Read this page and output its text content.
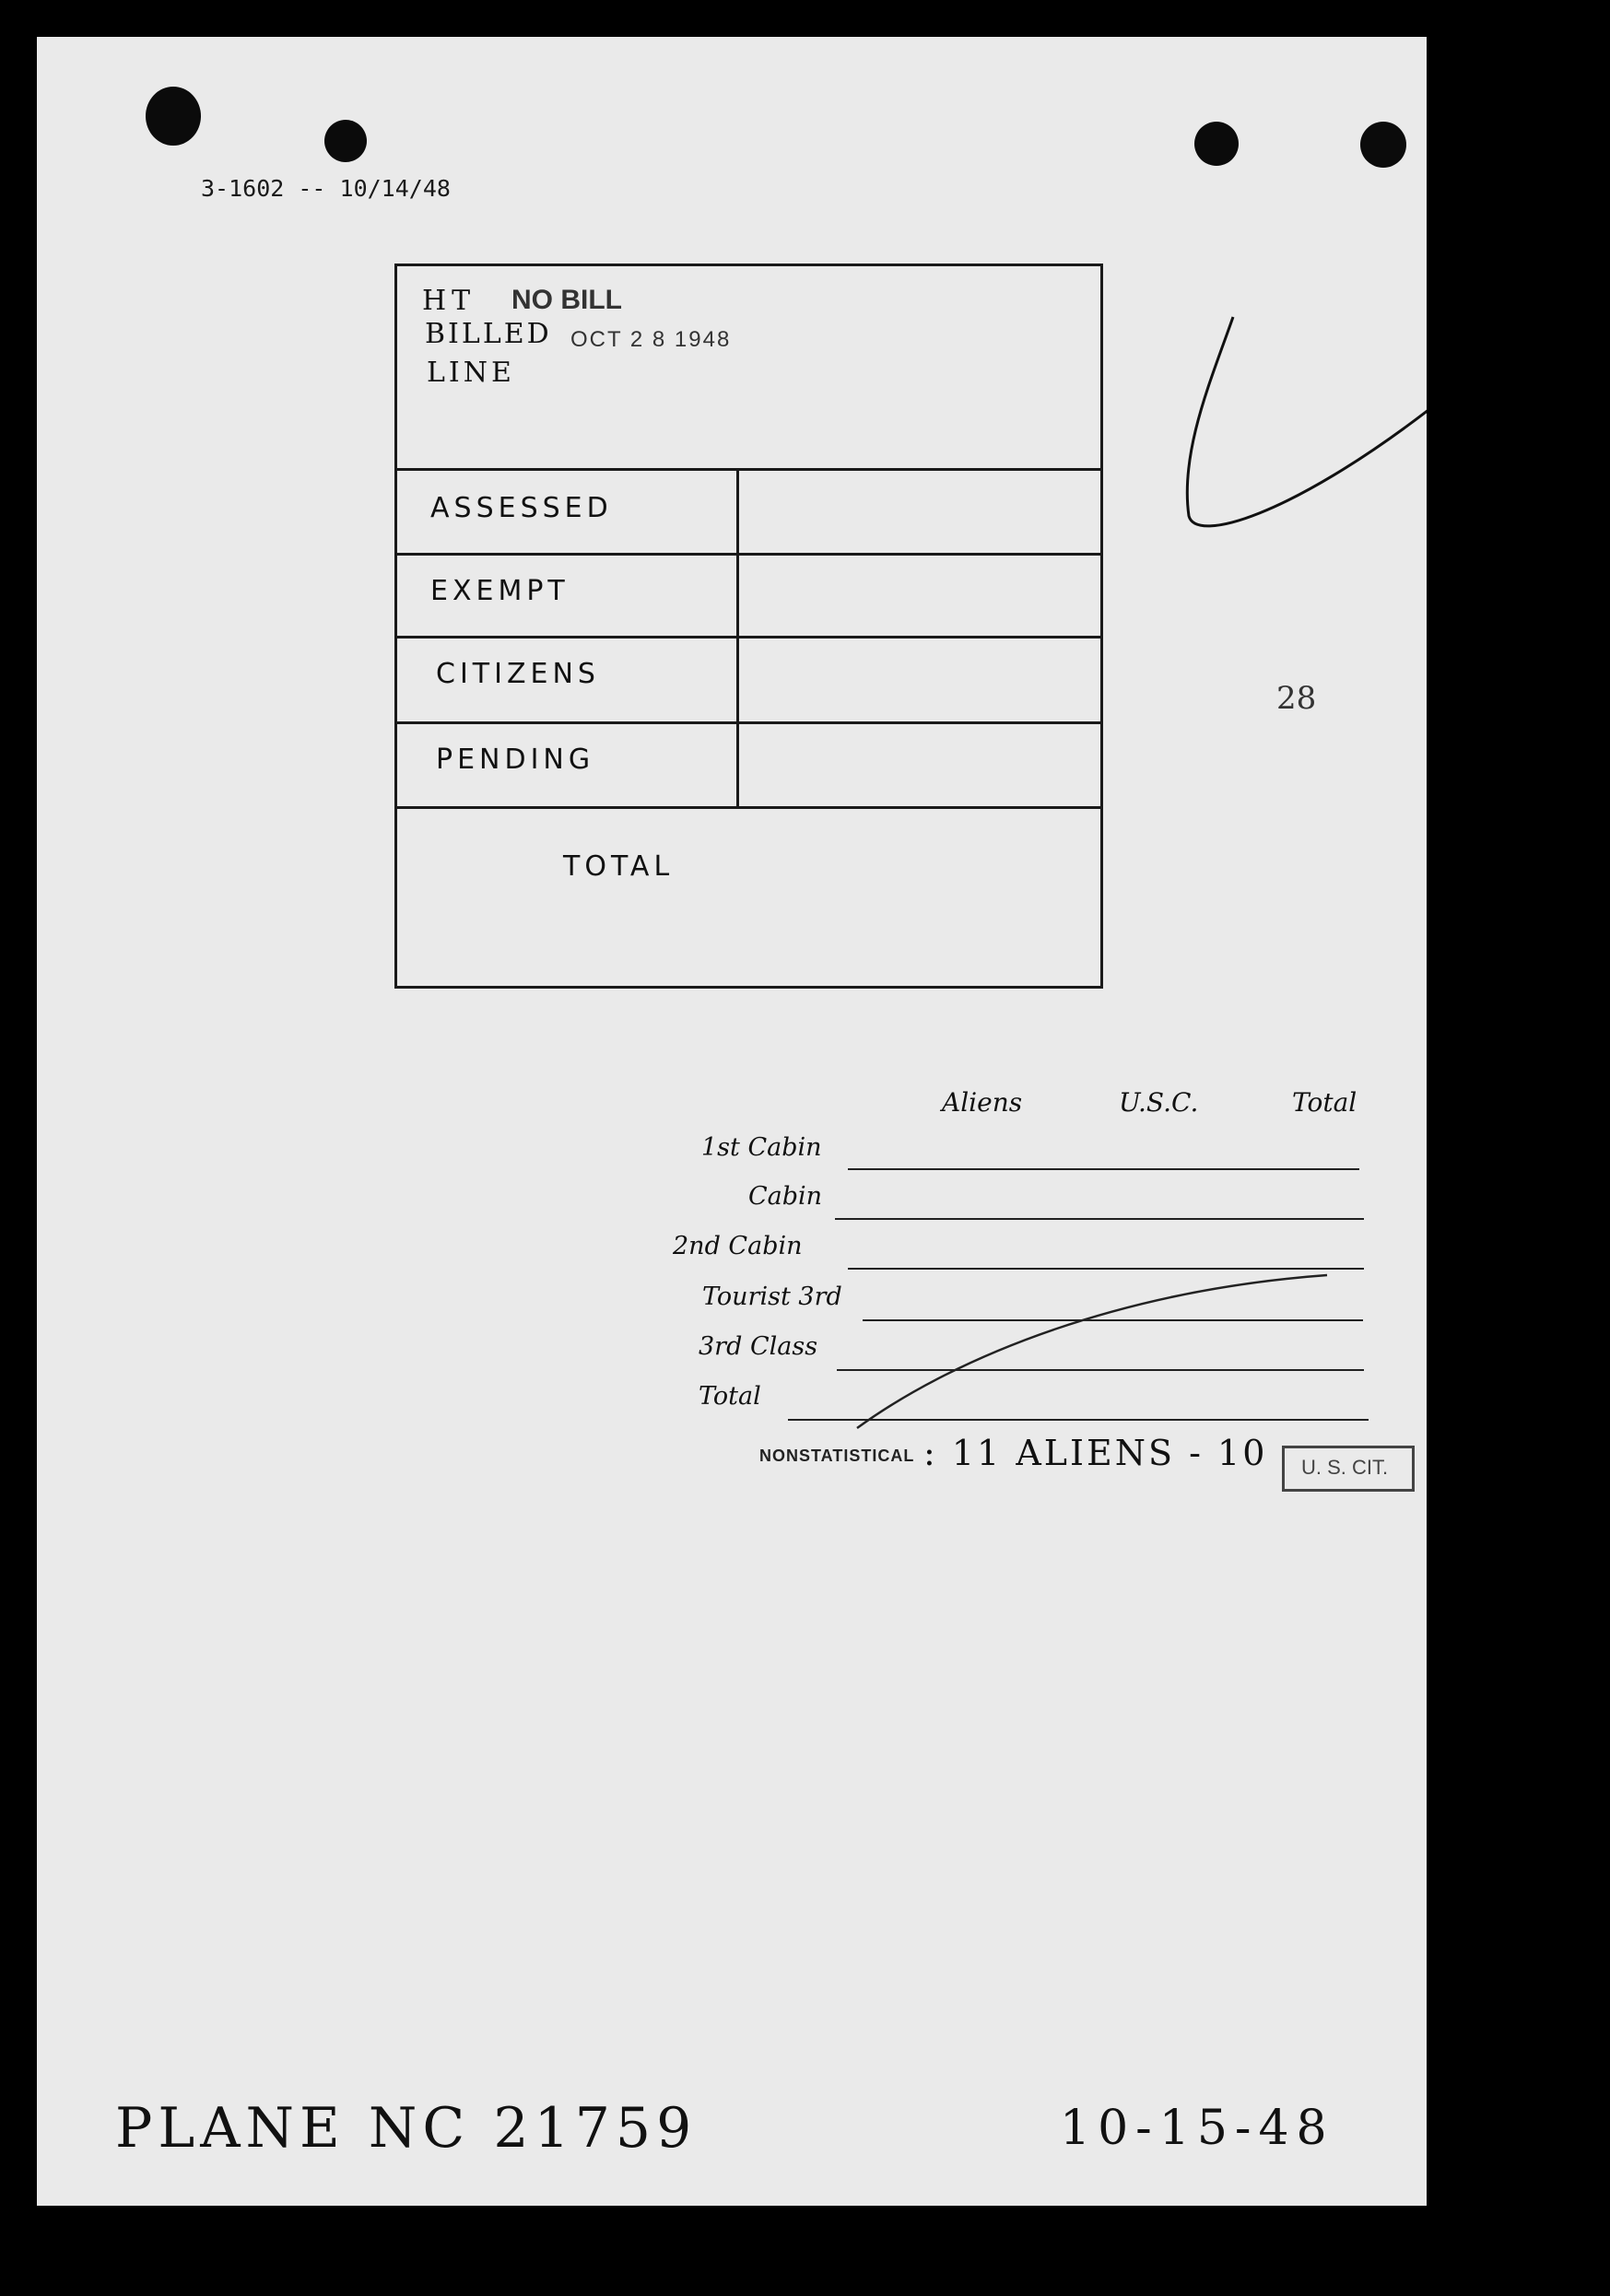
3-1602 -- 10/14/48
28
HT NO BILL
BILLED OCT 2 8 1948
LINE
ASSESSED
EXEMPT
CITIZENS
PENDING
TOTAL
Aliens	U.S.C.	Total
1st Cabin
Cabin
2nd Cabin
Tourist 3rd
3rd Class
Total
NONSTATISTICAL : 11 ALIENS - 10 U. S. CIT.
PLANE NC 21759	10-15-48
